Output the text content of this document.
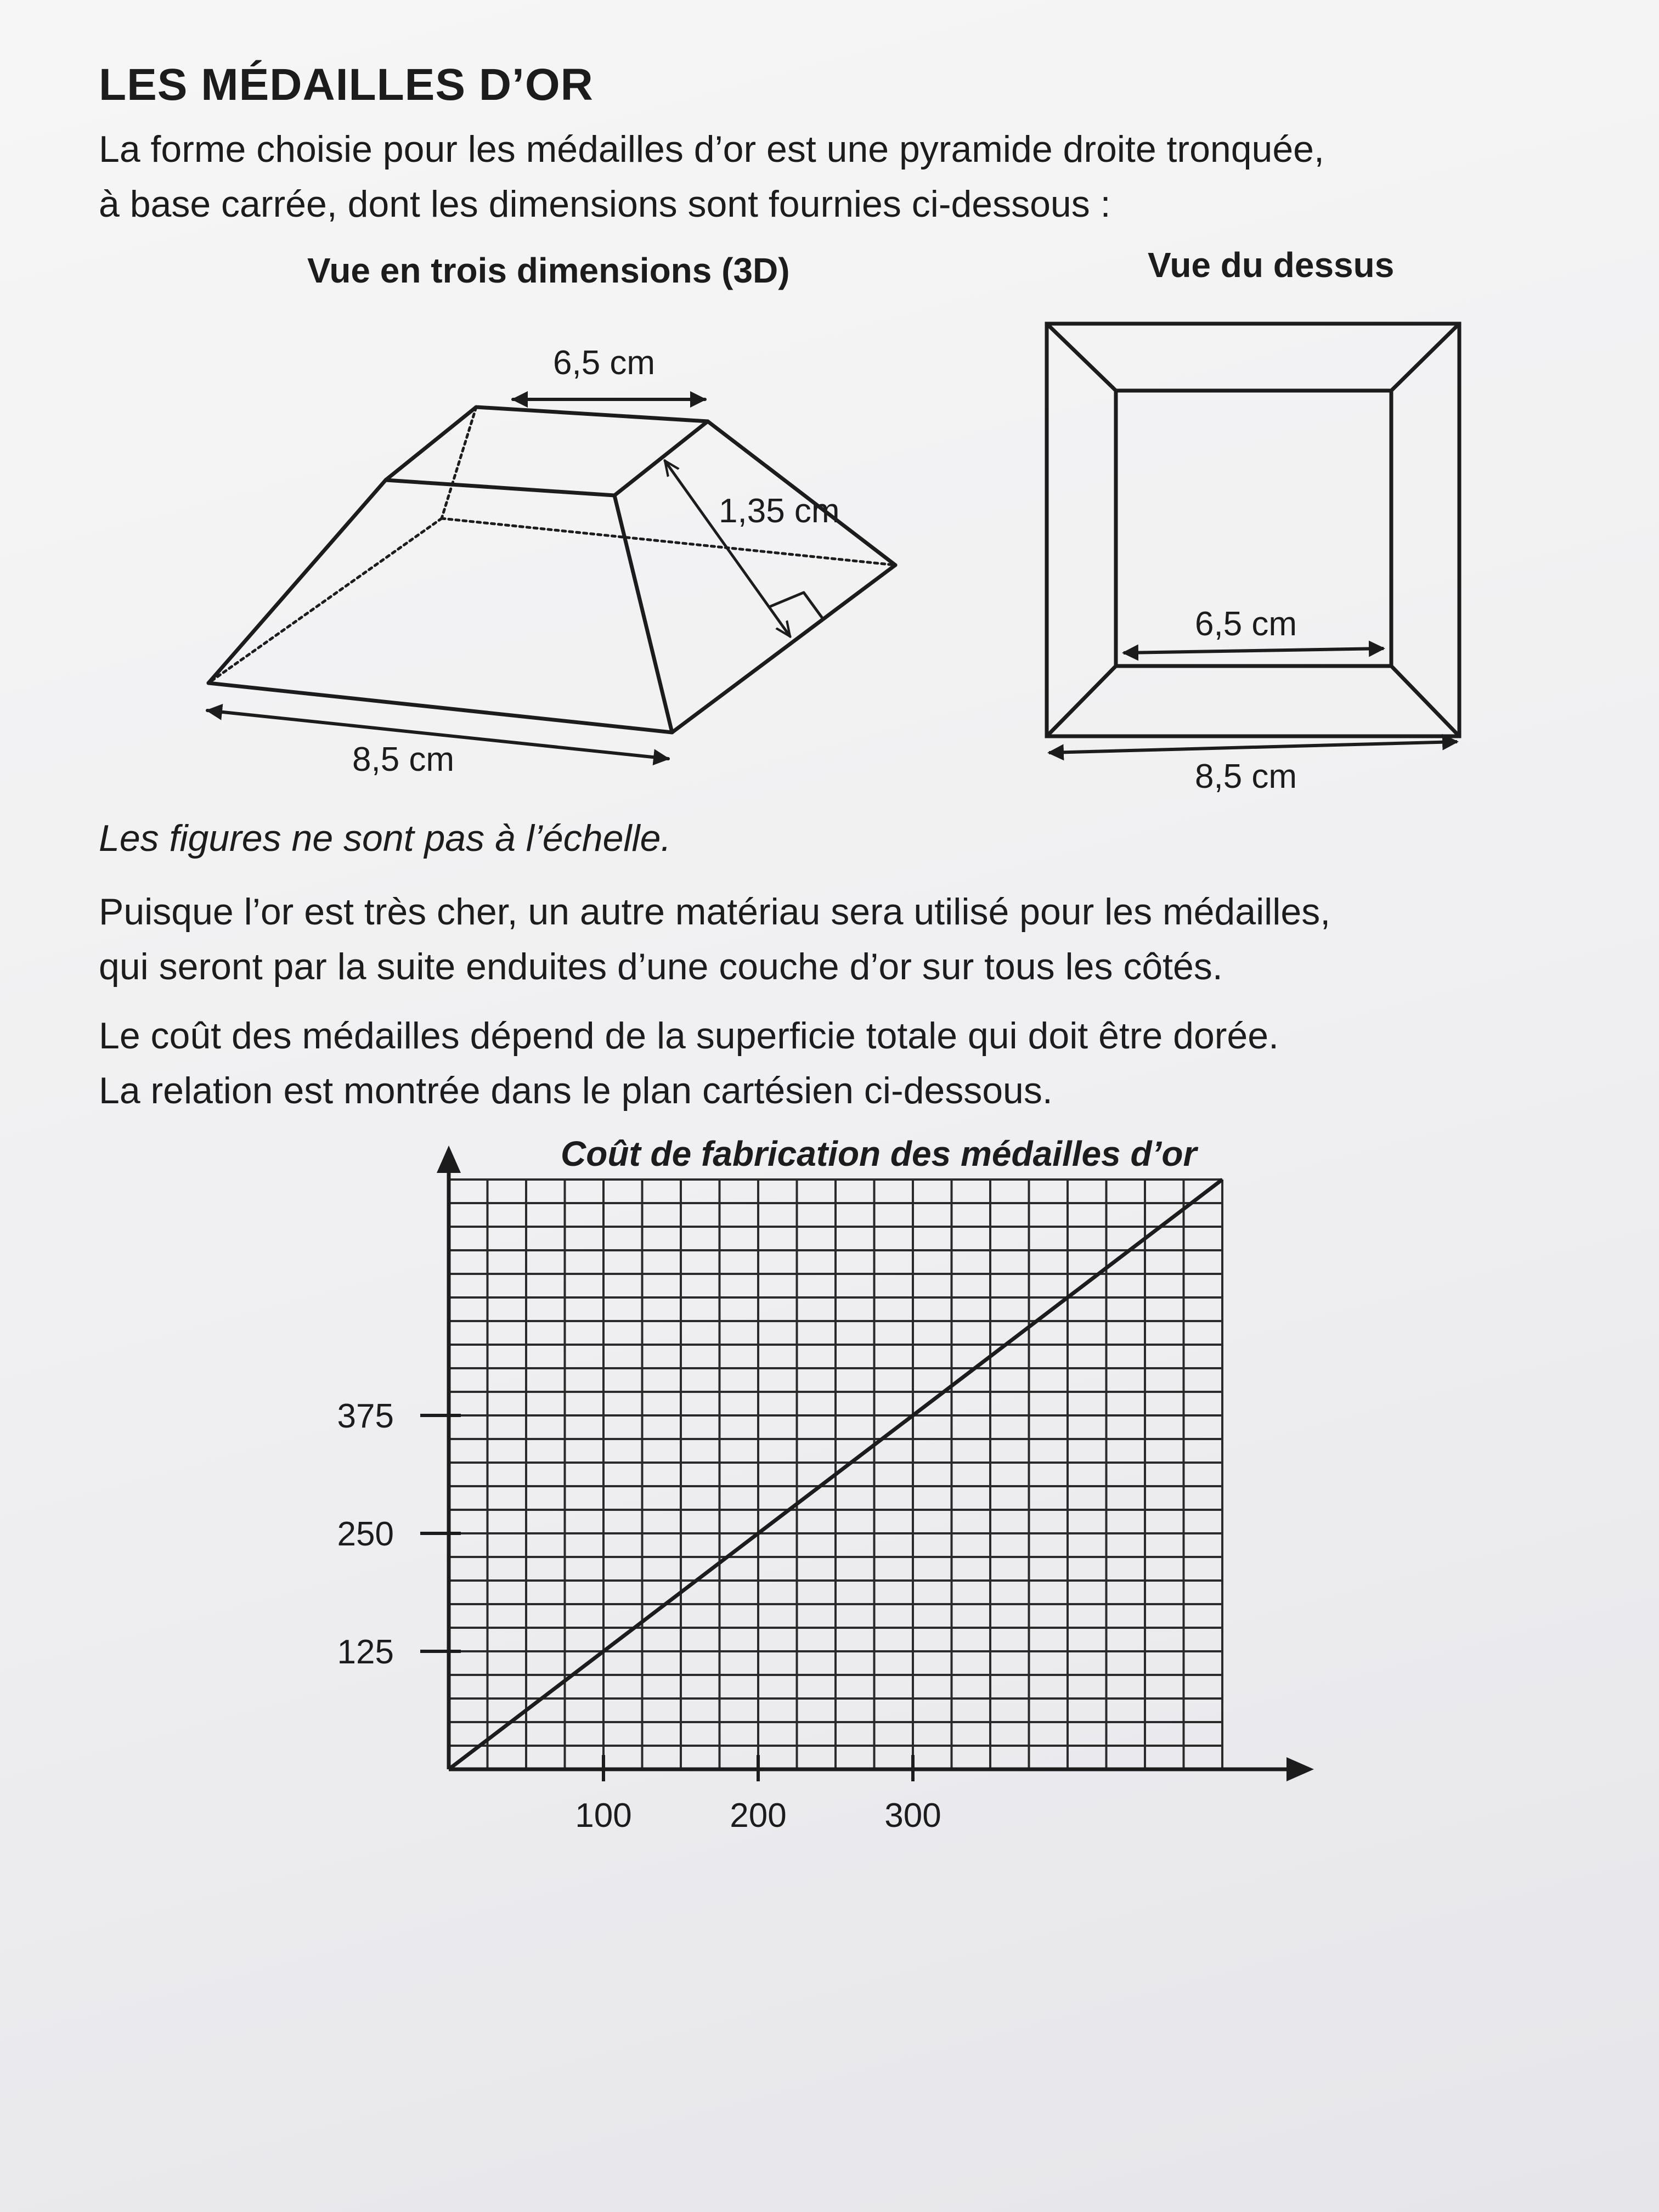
LES MÉDAILLES D’OR

La forme choisie pour les médailles d’or est une pyramide droite tronquée,
à base carrée, dont les dimensions sont fournies ci-dessous :

Vue en trois dimensions (3D)	Vue du dessus

6,5 cm
1,35 cm
8,5 cm
6,5 cm
8,5 cm
Coût de fabrication des médailles d’or
100	200	300
125
250
375

Les figures ne sont pas à l’échelle.

Puisque l’or est très cher, un autre matériau sera utilisé pour les médailles,
qui seront par la suite enduites d’une couche d’or sur tous les côtés.

Le coût des médailles dépend de la superficie totale qui doit être dorée.
La relation est montrée dans le plan cartésien ci-dessous.
